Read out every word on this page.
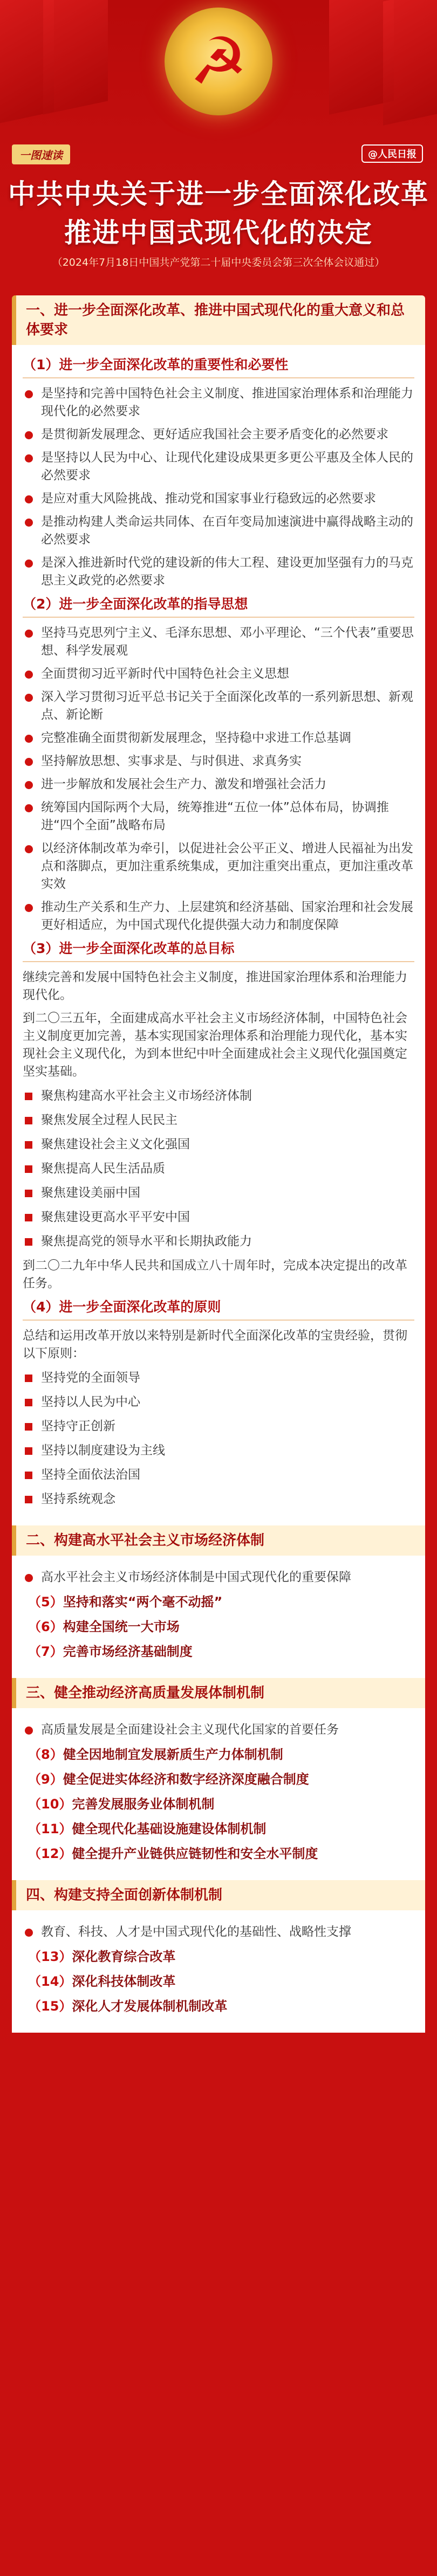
☭
一图速读	@人民日报
中共中央关于进一步全面深化改革
推进中国式现代化的决定
（2024年7月18日中国共产党第二十届中央委员会第三次全体会议通过）
一、进一步全面深化改革、推进中国式现代化的重大意义和总体要求
（1）进一步全面深化改革的重要性和必要性
是坚持和完善中国特色社会主义制度、推进国家治理体系和治理能力现代化的必然要求
是贯彻新发展理念、更好适应我国社会主要矛盾变化的必然要求
是坚持以人民为中心、让现代化建设成果更多更公平惠及全体人民的必然要求
是应对重大风险挑战、推动党和国家事业行稳致远的必然要求
是推动构建人类命运共同体、在百年变局加速演进中赢得战略主动的必然要求
是深入推进新时代党的建设新的伟大工程、建设更加坚强有力的马克思主义政党的必然要求
（2）进一步全面深化改革的指导思想
坚持马克思列宁主义、毛泽东思想、邓小平理论、“三个代表”重要思想、科学发展观
全面贯彻习近平新时代中国特色社会主义思想
深入学习贯彻习近平总书记关于全面深化改革的一系列新思想、新观点、新论断
完整准确全面贯彻新发展理念，坚持稳中求进工作总基调
坚持解放思想、实事求是、与时俱进、求真务实
进一步解放和发展社会生产力、激发和增强社会活力
统筹国内国际两个大局，统筹推进“五位一体”总体布局，协调推进“四个全面”战略布局
以经济体制改革为牵引，以促进社会公平正义、增进人民福祉为出发点和落脚点，更加注重系统集成，更加注重突出重点，更加注重改革实效
推动生产关系和生产力、上层建筑和经济基础、国家治理和社会发展更好相适应，为中国式现代化提供强大动力和制度保障
（3）进一步全面深化改革的总目标
继续完善和发展中国特色社会主义制度，推进国家治理体系和治理能力现代化。
到二〇三五年，全面建成高水平社会主义市场经济体制，中国特色社会主义制度更加完善，基本实现国家治理体系和治理能力现代化，基本实现社会主义现代化，为到本世纪中叶全面建成社会主义现代化强国奠定坚实基础。
聚焦构建高水平社会主义市场经济体制
聚焦发展全过程人民民主
聚焦建设社会主义文化强国
聚焦提高人民生活品质
聚焦建设美丽中国
聚焦建设更高水平平安中国
聚焦提高党的领导水平和长期执政能力
到二〇二九年中华人民共和国成立八十周年时，完成本决定提出的改革任务。
（4）进一步全面深化改革的原则
总结和运用改革开放以来特别是新时代全面深化改革的宝贵经验，贯彻以下原则：
坚持党的全面领导
坚持以人民为中心
坚持守正创新
坚持以制度建设为主线
坚持全面依法治国
坚持系统观念
二、构建高水平社会主义市场经济体制
高水平社会主义市场经济体制是中国式现代化的重要保障
（5）坚持和落实“两个毫不动摇”
（6）构建全国统一大市场
（7）完善市场经济基础制度
三、健全推动经济高质量发展体制机制
高质量发展是全面建设社会主义现代化国家的首要任务
（8）健全因地制宜发展新质生产力体制机制
（9）健全促进实体经济和数字经济深度融合制度
（10）完善发展服务业体制机制
（11）健全现代化基础设施建设体制机制
（12）健全提升产业链供应链韧性和安全水平制度
四、构建支持全面创新体制机制
教育、科技、人才是中国式现代化的基础性、战略性支撑
（13）深化教育综合改革
（14）深化科技体制改革
（15）深化人才发展体制机制改革
